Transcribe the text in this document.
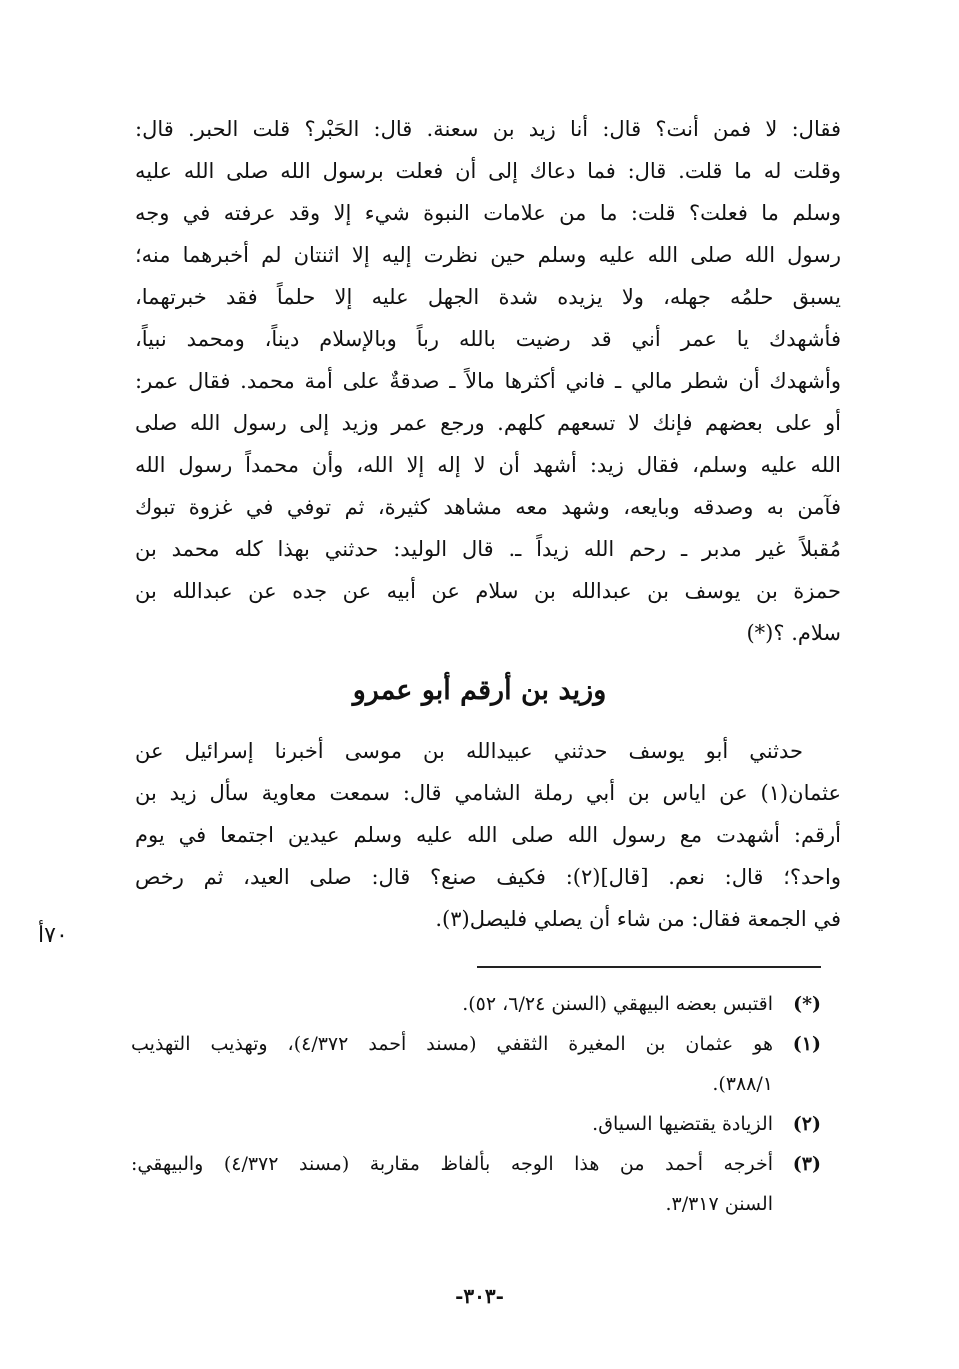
فقال: لا فمن أنت؟ قال: أنا زيد بن سعنة. قال: الحَبْر؟ قلت الحبر. قال:
وقلت له ما قلت. قال: فما دعاك إلى أن فعلت برسول الله صلى الله عليه
وسلم ما فعلت؟ قلت: ما من علامات النبوة شيء إلا وقد عرفته في وجه
رسول الله صلى الله عليه وسلم حين نظرت إليه إلا اثنتان لم أخبرهما منه؛
يسبق حلمُه جهله، ولا يزيده شدة الجهل عليه إلا حلماً فقد خبرتهما،
فأشهدك يا عمر أني قد رضيت بالله رباً وبالإسلام ديناً، ومحمد نبياً،
وأشهدك أن شطر مالي ـ فاني أكثرها مالاً ـ صدقةٌ على أمة محمد. فقال عمر:
أو على بعضهم فإنك لا تسعهم كلهم. ورجع عمر وزيد إلى رسول الله صلى
الله عليه وسلم، فقال زيد: أشهد أن لا إله إلا الله، وأن محمداً رسول الله
فآمن به وصدقه وبايعه، وشهد معه مشاهد كثيرة، ثم توفي في غزوة تبوك
مُقبلاً غير مدبر ـ رحم الله زيداً ـ. قال الوليد: حدثني بهذا كله محمد بن
حمزة بن يوسف بن عبدالله بن سلام عن أبيه عن جده عن عبدالله بن
سلام. ؟(*)
وزيد بن أرقم أبو عمرو
حدثني أبو يوسف حدثني عبيدالله بن موسى أخبرنا إسرائيل عن
عثمان(١) عن اياس بن أبي رملة الشامي قال: سمعت معاوية سأل زيد بن
أرقم: أشهدت مع رسول الله صلى الله عليه وسلم عيدين اجتمعا في يوم
واحد؟؛ قال: نعم. [قال](٢): فكيف صنع؟ قال: صلى العيد، ثم رخص
في الجمعة فقال: من شاء أن يصلي فليصل(٣).
٧٠أ
(*)
اقتبس بعضه البيهقي (السنن ٦/٢٤، ٥٢).
(١)
هو عثمان بن المغيرة الثقفي (مسند أحمد ٤/٣٧٢)، وتهذيب التهذيب
٣٨٨/١).
(٢)
الزيادة يقتضيها السياق.
(٣)
أخرجه أحمد من هذا الوجه بألفاظ مقاربة (مسند ٤/٣٧٢) والبيهقي:
السنن ٣/٣١٧.
-٣٠٣-
